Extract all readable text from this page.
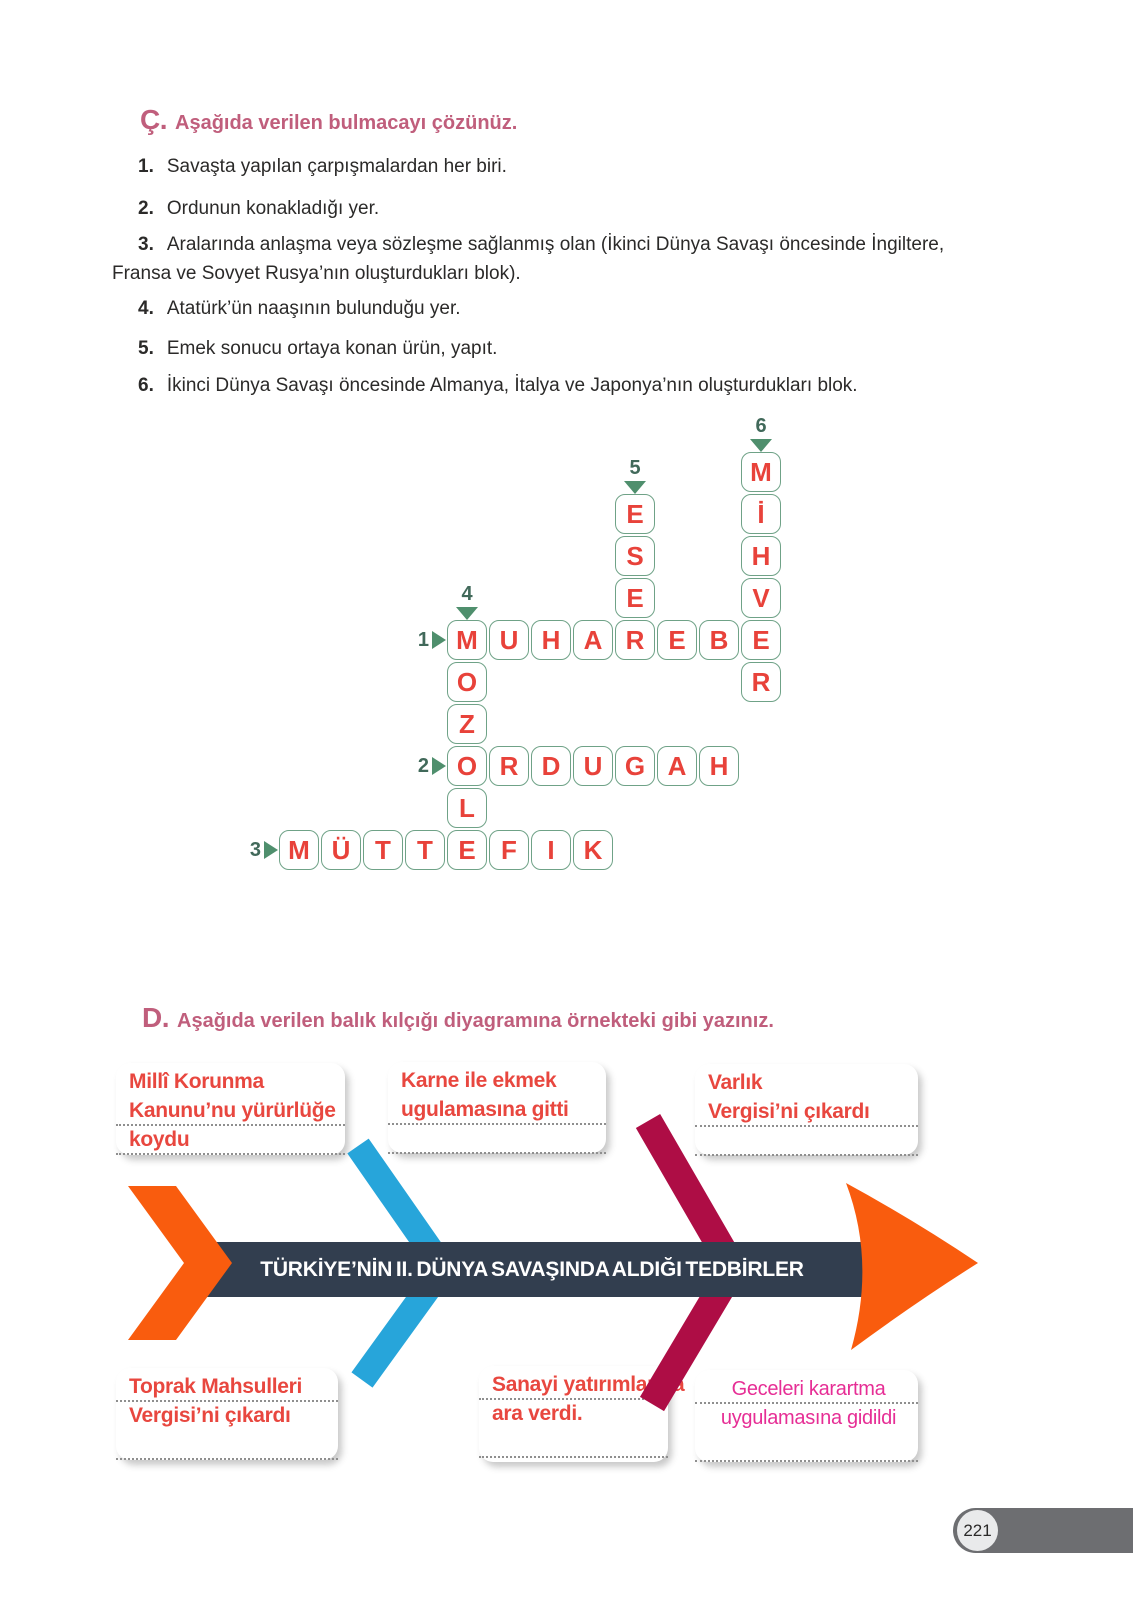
Ç. Aşağıda verilen bulmacayı çözünüz.
1. Savaşta yapılan çarpışmalardan her biri.
2. Ordunun konakladığı yer.
3. Aralarında anlaşma veya sözleşme sağlanmış olan (İkinci Dünya Savaşı öncesinde İngiltere,
Fransa ve Sovyet Rusya’nın oluşturdukları blok).
4. Atatürk’ün naaşının bulunduğu yer.
5. Emek sonucu ortaya konan ürün, yapıt.
6. İkinci Dünya Savaşı öncesinde Almanya, İtalya ve Japonya’nın oluşturdukları blok.
M
İ
H
V
R
E
S
E
M U H A R E B E
O
Z
L
O R D U G A H
M Ü T	T E F	I	K
1
2
3
4
5
6
D. Aşağıda verilen balık kılçığı diyagramına örnekteki gibi yazınız.
Millî Korunma
Kanunu’nu yürürlüğe
koydu
Karne ile ekmek
ugulamasına gitti
Varlık
Vergisi’ni çıkardı
Toprak Mahsulleri
Vergisi’ni çıkardı
Sanayi yatırımlarına
ara verdi.
Geceleri karartma
uygulamasına gidildi
TÜRKİYE’NİN II. DÜNYA SAVAŞINDA ALDIĞI TEDBİRLER
221
